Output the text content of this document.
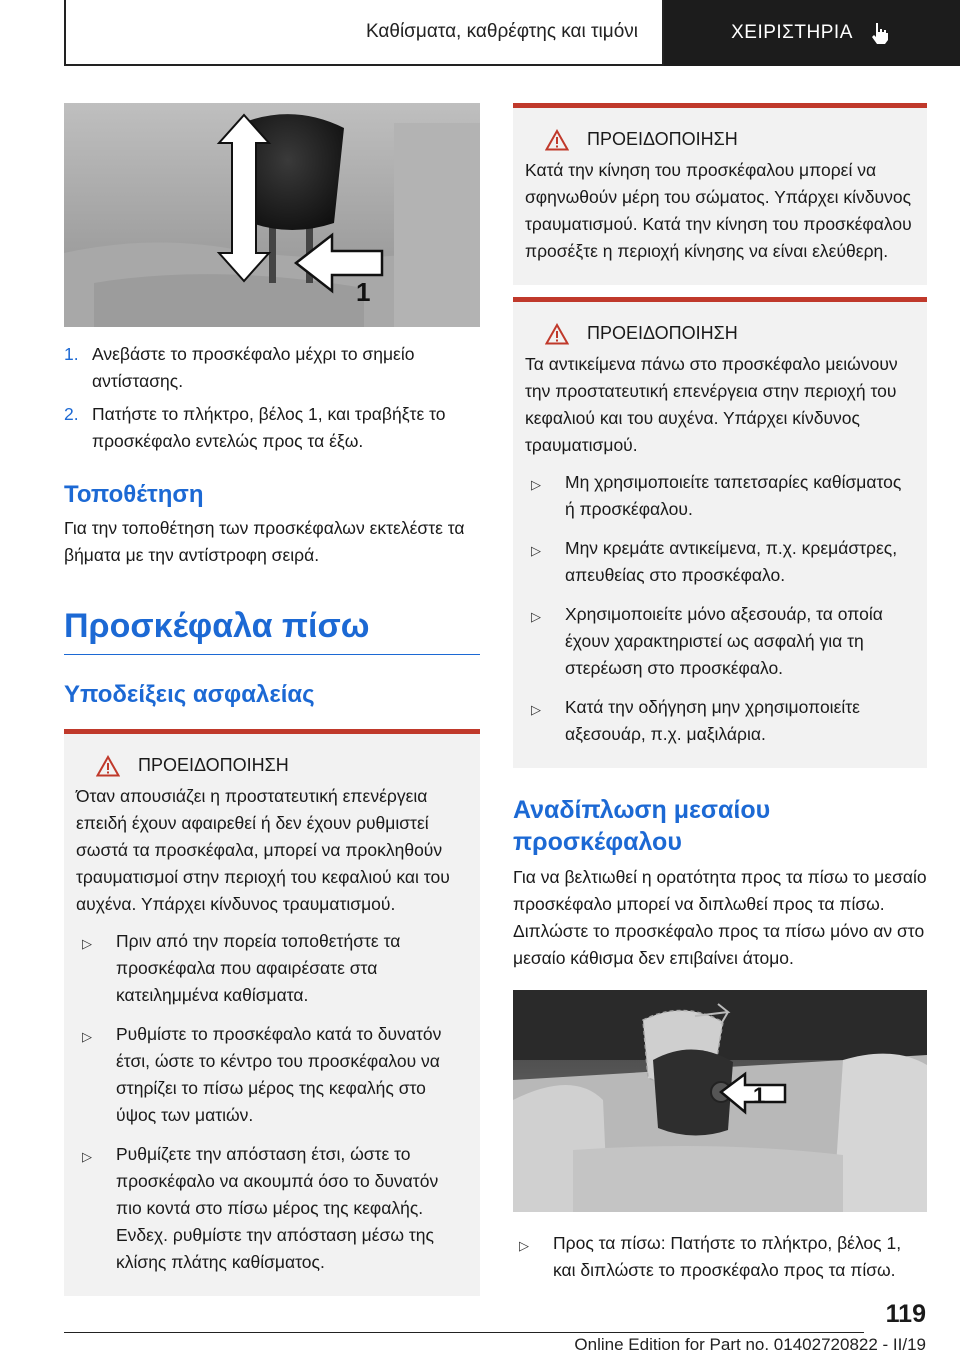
Καθίσματα, καθρέφτης και τιμόνι	ΧΕΙΡΙΣΤΗΡΙΑ
1
1. Ανεβάστε το προσκέφαλο μέχρι το σημείο αντίστασης.
2. Πατήστε το πλήκτρο, βέλος 1, και τραβήξτε το προσκέφαλο εντελώς προς τα έξω.
Τοποθέτηση

Για την τοποθέτηση των προσκέφαλων εκτελέστε τα βήματα με την αντίστροφη σειρά.

Προσκέφαλα πίσω
Υποδείξεις ασφαλείας
ΠΡΟΕΙΔΟΠΟΙΗΣΗ

Όταν απουσιάζει η προστατευτική επενέργεια επειδή έχουν αφαιρεθεί ή δεν έχουν ρυθμιστεί σωστά τα προσκέφαλα, μπορεί να προκληθούν τραυματισμοί στην περιοχή του κεφαλιού και του αυχένα. Υπάρχει κίνδυνος τραυματισμού.

▷	Πριν από την πορεία τοποθετήστε τα προσκέφαλα που αφαιρέσατε στα κατειλημμένα καθίσματα.
▷	Ρυθμίστε το προσκέφαλο κατά το δυνατόν έτσι, ώστε το κέντρο του προσκέφαλου να στηρίζει το πίσω μέρος της κεφαλής στο ύψος των ματιών.
▷	Ρυθμίζετε την απόσταση έτσι, ώστε το προσκέφαλο να ακουμπά όσο το δυνατόν πιο κοντά στο πίσω μέρος της κεφαλής. Ενδεχ. ρυθμίστε την απόσταση μέσω της κλίσης πλάτης καθίσματος.
ΠΡΟΕΙΔΟΠΟΙΗΣΗ

Κατά την κίνηση του προσκέφαλου μπορεί να σφηνωθούν μέρη του σώματος. Υπάρχει κίνδυνος τραυματισμού. Κατά την κίνηση του προσκέφαλου προσέξτε η περιοχή κίνησης να είναι ελεύθερη.

ΠΡΟΕΙΔΟΠΟΙΗΣΗ

Τα αντικείμενα πάνω στο προσκέφαλο μειώνουν την προστατευτική επενέργεια στην περιοχή του κεφαλιού και του αυχένα. Υπάρχει κίνδυνος τραυματισμού.

▷	Μη χρησιμοποιείτε ταπετσαρίες καθίσματος ή προσκέφαλου.
▷	Μην κρεμάτε αντικείμενα, π.χ. κρεμάστρες, απευθείας στο προσκέφαλο.
▷	Χρησιμοποιείτε μόνο αξεσουάρ, τα οποία έχουν χαρακτηριστεί ως ασφαλή για τη στερέωση στο προσκέφαλο.
▷	Κατά την οδήγηση μην χρησιμοποιείτε αξεσουάρ, π.χ. μαξιλάρια.
Αναδίπλωση μεσαίου προσκέφαλου

Για να βελτιωθεί η ορατότητα προς τα πίσω το μεσαίο προσκέφαλο μπορεί να διπλωθεί προς τα πίσω. Διπλώστε το προσκέφαλο προς τα πίσω μόνο αν στο μεσαίο κάθισμα δεν επιβαίνει άτομο.

1
▷	Προς τα πίσω: Πατήστε το πλήκτρο, βέλος 1, και διπλώστε το προσκέφαλο προς τα πίσω.
119
Online Edition for Part no. 01402720822 - II/19
